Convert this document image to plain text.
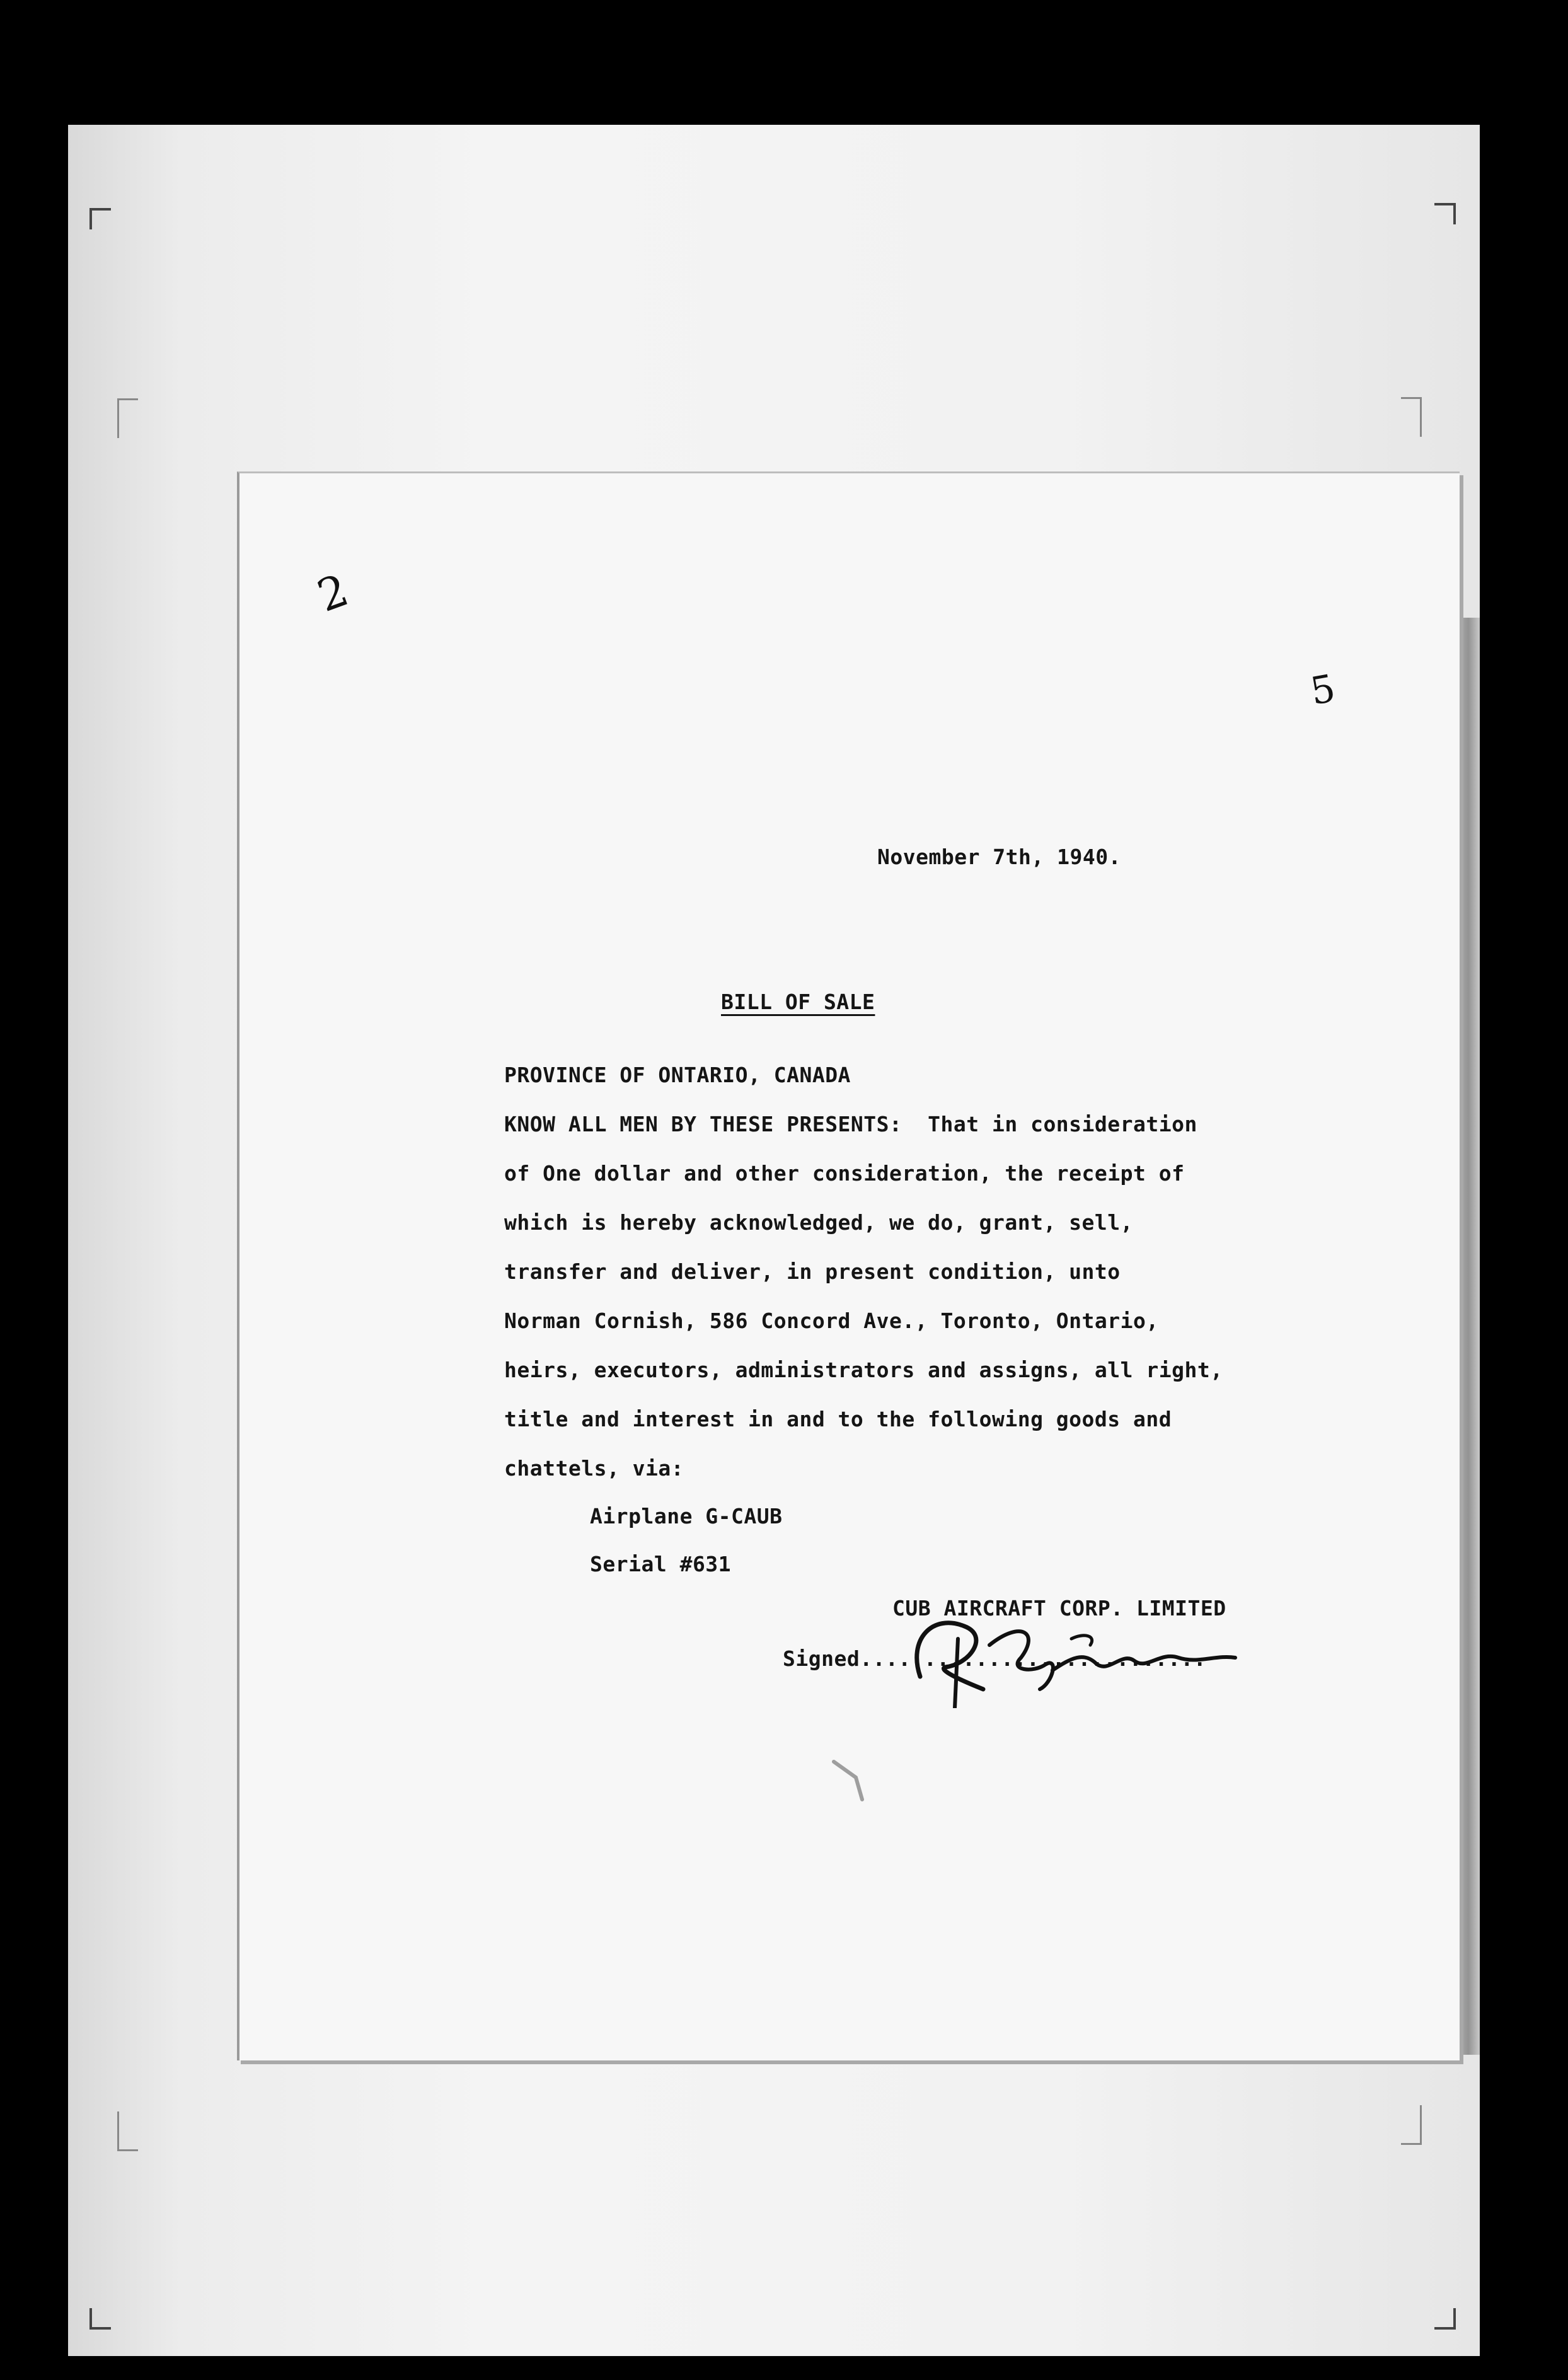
2
5
November 7th, 1940.
BILL OF SALE
PROVINCE OF ONTARIO, CANADA
KNOW ALL MEN BY THESE PRESENTS:  That in consideration
of One dollar and other consideration, the receipt of
which is hereby acknowledged, we do, grant, sell,
transfer and deliver, in present condition, unto
Norman Cornish, 586 Concord Ave., Toronto, Ontario,
heirs, executors, administrators and assigns, all right,
title and interest in and to the following goods and
chattels, via:
Airplane G-CAUB
Serial #631
CUB AIRCRAFT CORP. LIMITED
Signed...........................
